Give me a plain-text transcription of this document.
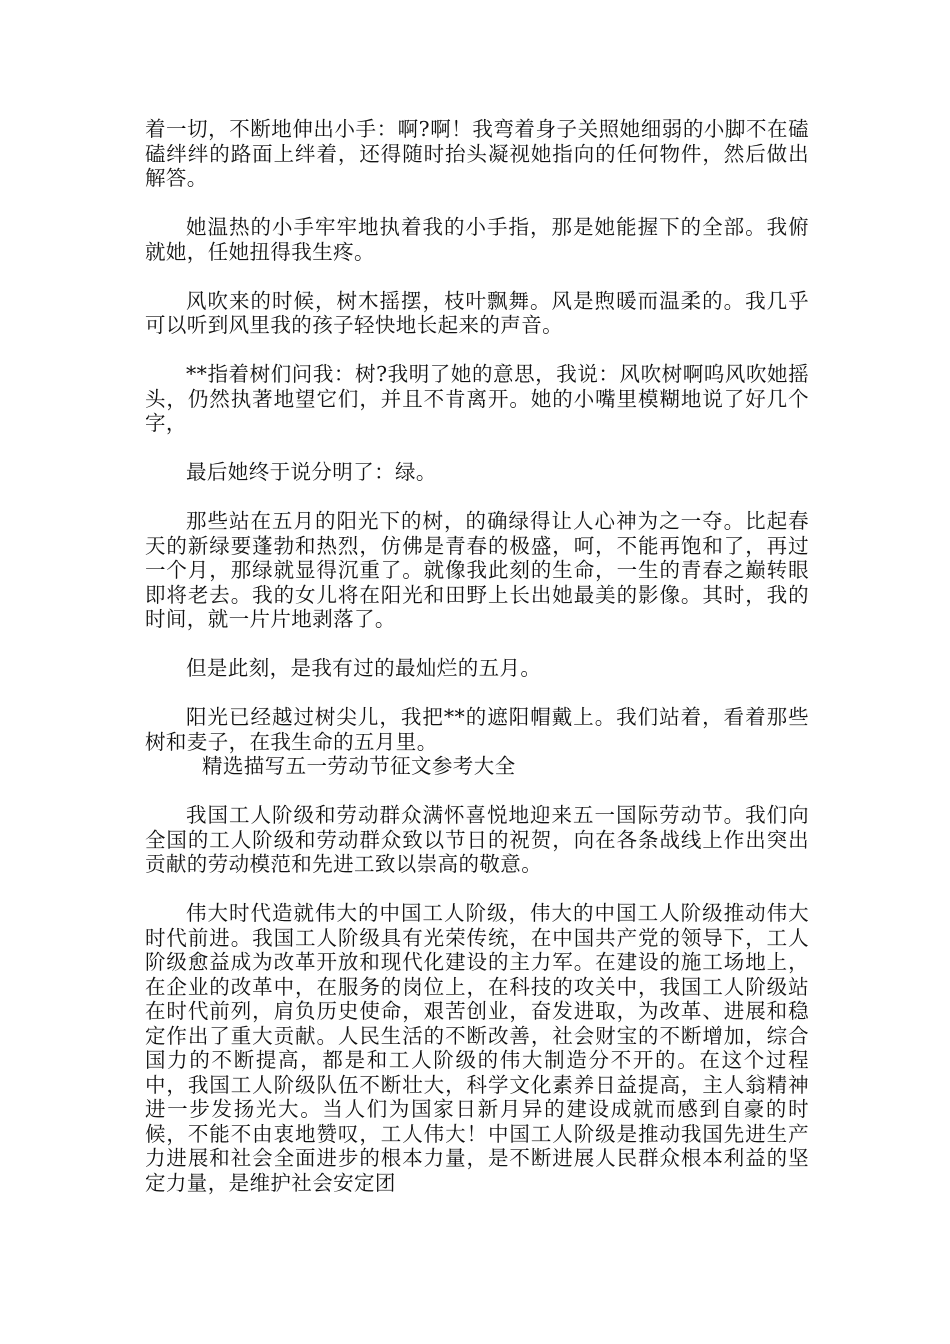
着一切，不断地伸出小手：啊?啊！我弯着身子关照她细弱的小脚不在磕磕绊绊的路面上绊着，还得随时抬头凝视她指向的任何物件，然后做出解答。

她温热的小手牢牢地执着我的小手指，那是她能握下的全部。我俯就她，任她扭得我生疼。

风吹来的时候，树木摇摆，枝叶飘舞。风是煦暖而温柔的。我几乎可以听到风里我的孩子轻快地长起来的声音。

**指着树们问我：树?我明了她的意思，我说：风吹树啊呜风吹她摇头，仍然执著地望它们，并且不肯离开。她的小嘴里模糊地说了好几个字，

最后她终于说分明了：绿。

那些站在五月的阳光下的树，的确绿得让人心神为之一夺。比起春天的新绿要蓬勃和热烈，仿佛是青春的极盛，呵，不能再饱和了，再过一个月，那绿就显得沉重了。就像我此刻的生命，一生的青春之巅转眼即将老去。我的女儿将在阳光和田野上长出她最美的影像。其时，我的时间，就一片片地剥落了。

但是此刻，是我有过的最灿烂的五月。

阳光已经越过树尖儿，我把**的遮阳帽戴上。我们站着，看着那些树和麦子，在我生命的五月里。

精选描写五一劳动节征文参考大全

我国工人阶级和劳动群众满怀喜悦地迎来五一国际劳动节。我们向全国的工人阶级和劳动群众致以节日的祝贺，向在各条战线上作出突出贡献的劳动模范和先进工致以崇高的敬意。

伟大时代造就伟大的中国工人阶级，伟大的中国工人阶级推动伟大时代前进。我国工人阶级具有光荣传统，在中国共产党的领导下，工人阶级愈益成为改革开放和现代化建设的主力军。在建设的施工场地上，在企业的改革中，在服务的岗位上，在科技的攻关中，我国工人阶级站在时代前列，肩负历史使命，艰苦创业，奋发进取，为改革、进展和稳定作出了重大贡献。人民生活的不断改善，社会财宝的不断增加，综合国力的不断提高，都是和工人阶级的伟大制造分不开的。在这个过程中，我国工人阶级队伍不断壮大，科学文化素养日益提高，主人翁精神进一步发扬光大。当人们为国家日新月异的建设成就而感到自豪的时候，不能不由衷地赞叹，工人伟大！中国工人阶级是推动我国先进生产力进展和社会全面进步的根本力量，是不断进展人民群众根本利益的坚定力量，是维护社会安定团
